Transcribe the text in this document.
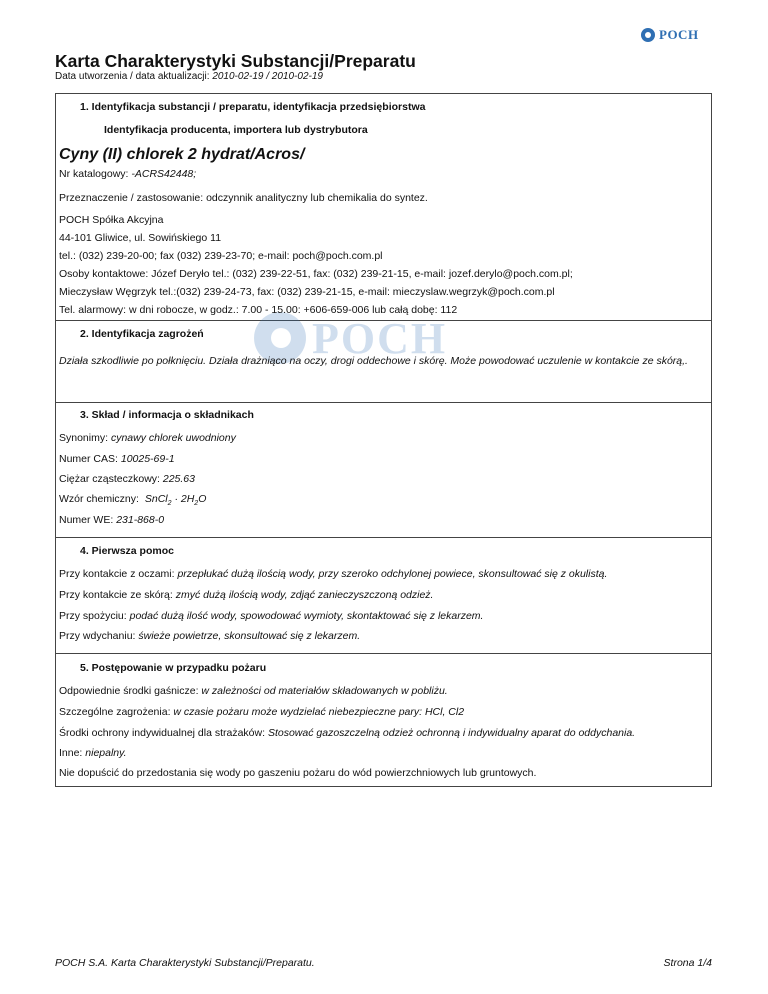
POCH
Karta Charakterystyki Substancji/Preparatu
Data utworzenia / data aktualizacji: 2010-02-19 / 2010-02-19
POCH
1. Identyfikacja substancji / preparatu, identyfikacja przedsiębiorstwa
Identyfikacja producenta, importera lub dystrybutora
Cyny (II) chlorek 2 hydrat/Acros/
Nr katalogowy: -ACRS42448;
Przeznaczenie / zastosowanie: odczynnik analityczny lub chemikalia do syntez.
POCH Spółka Akcyjna
44-101 Gliwice, ul. Sowińskiego 11
tel.: (032) 239-20-00; fax (032) 239-23-70; e-mail: poch@poch.com.pl
Osoby kontaktowe: Józef Deryło tel.: (032) 239-22-51, fax: (032) 239-21-15, e-mail: jozef.derylo@poch.com.pl;
Mieczysław Węgrzyk tel.:(032) 239-24-73, fax: (032) 239-21-15, e-mail: mieczyslaw.wegrzyk@poch.com.pl
Tel. alarmowy: w dni robocze, w godz.: 7.00 - 15.00: +606-659-006 lub całą dobę: 112
2. Identyfikacja zagrożeń
Działa szkodliwie po połknięciu. Działa drażniąco na oczy, drogi oddechowe i skórę. Może powodować uczulenie w kontakcie ze skórą,.
3. Skład / informacja o składnikach
Synonimy: cynawy chlorek uwodniony
Numer CAS: 10025-69-1
Ciężar cząsteczkowy: 225.63
Wzór chemiczny: SnCl$_2$ · $2H_2O$
Numer WE: 231-868-0
4. Pierwsza pomoc
Przy kontakcie z oczami: przepłukać dużą ilością wody, przy szeroko odchylonej powiece, skonsultować się z okulistą.
Przy kontakcie ze skórą: zmyć dużą ilością wody, zdjąć zanieczyszczoną odzież.
Przy spożyciu: podać dużą ilość wody, spowodować wymioty, skontaktować się z lekarzem.
Przy wdychaniu: świeże powietrze, skonsultować się z lekarzem.
5. Postępowanie w przypadku pożaru
Odpowiednie środki gaśnicze: w zależności od materiałów składowanych w pobliżu.
Szczególne zagrożenia: w czasie pożaru może wydzielać niebezpieczne pary: HCl, Cl2
Środki ochrony indywidualnej dla strażaków: Stosować gazoszczelną odzież ochronną i indywidualny aparat do oddychania.
Inne: niepalny.
Nie dopuścić do przedostania się wody po gaszeniu pożaru do wód powierzchniowych lub gruntowych.
POCH S.A. Karta Charakterystyki Substancji/Preparatu.	Strona 1/4
